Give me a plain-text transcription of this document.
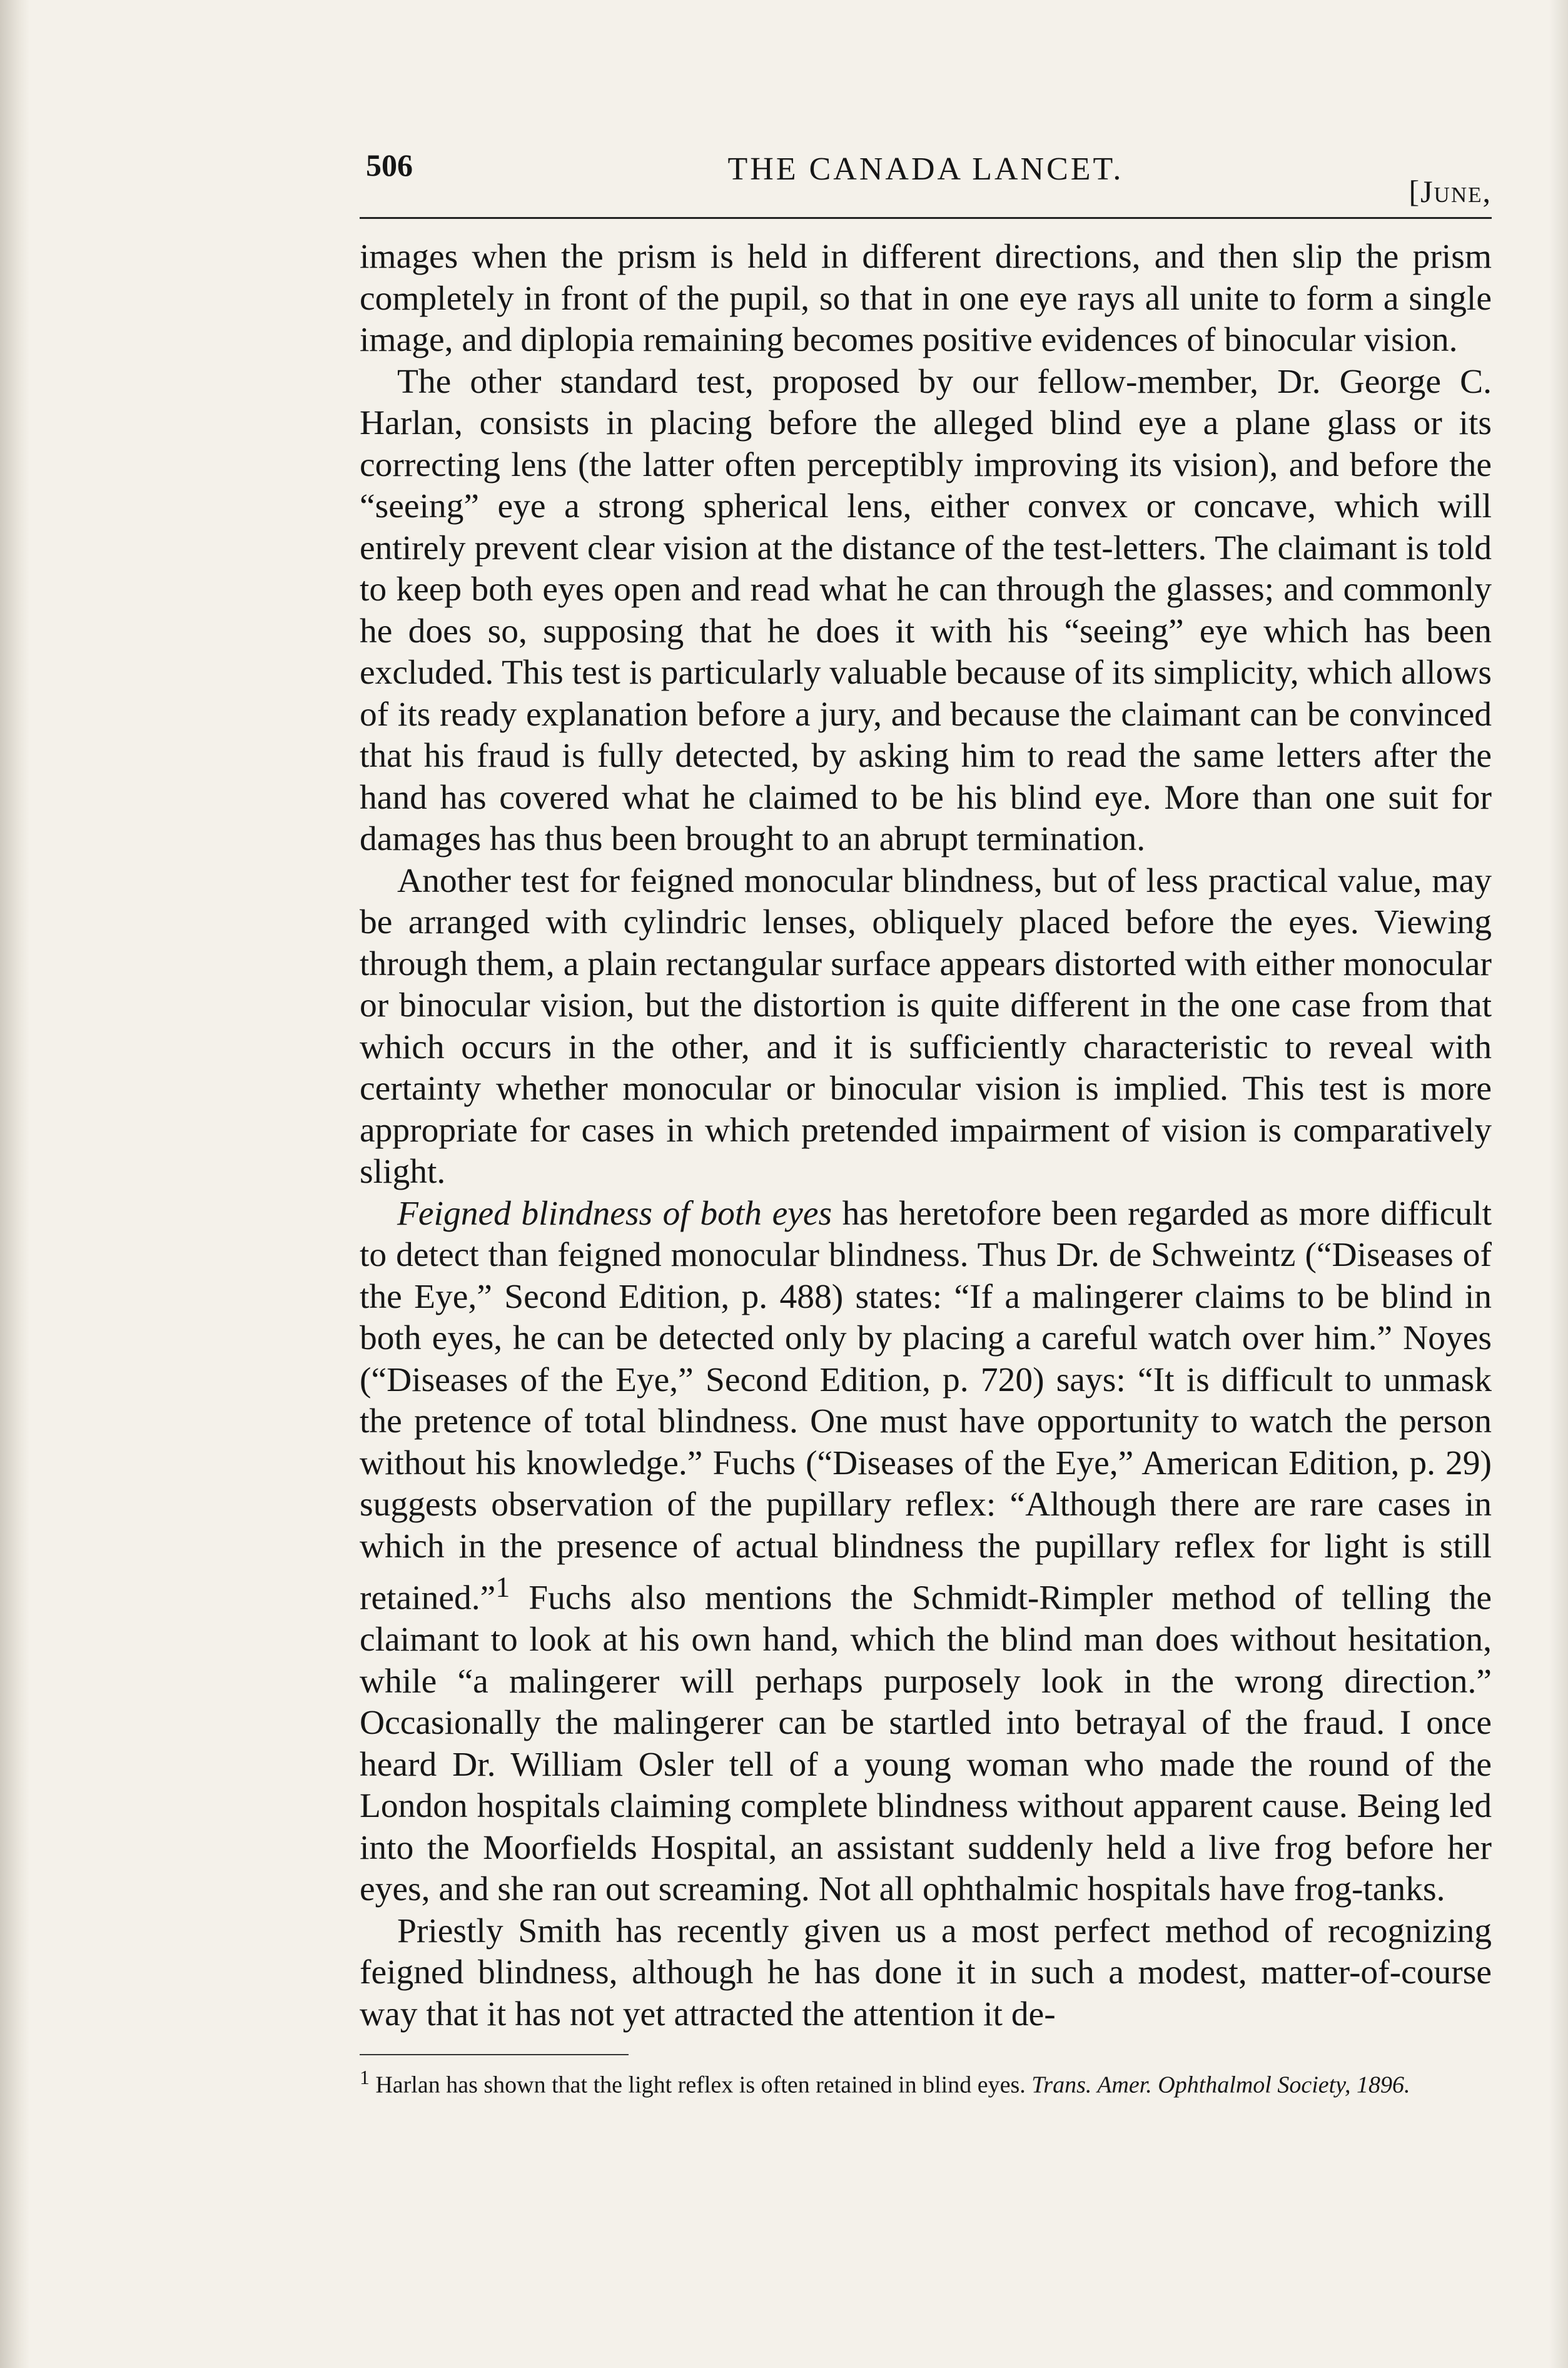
506	THE CANADA LANCET.
[June,

images when the prism is held in different directions, and then slip the prism completely in front of the pupil, so that in one eye rays all unite to form a single image, and diplopia remaining becomes positive evidences of binocular vision.

The other standard test, proposed by our fellow-member, Dr. George C. Harlan, consists in placing before the alleged blind eye a plane glass or its correcting lens (the latter often perceptibly improving its vision), and before the “seeing” eye a strong spherical lens, either convex or concave, which will entirely prevent clear vision at the distance of the test-letters. The claimant is told to keep both eyes open and read what he can through the glasses; and commonly he does so, supposing that he does it with his “seeing” eye which has been excluded. This test is particularly valuable because of its simplicity, which allows of its ready explanation before a jury, and because the claimant can be convinced that his fraud is fully detected, by asking him to read the same letters after the hand has covered what he claimed to be his blind eye. More than one suit for damages has thus been brought to an abrupt termination.

Another test for feigned monocular blindness, but of less practical value, may be arranged with cylindric lenses, obliquely placed before the eyes. Viewing through them, a plain rectangular surface appears distorted with either monocular or binocular vision, but the distortion is quite different in the one case from that which occurs in the other, and it is sufficiently characteristic to reveal with certainty whether monocular or binocular vision is implied. This test is more appropriate for cases in which pretended impairment of vision is comparatively slight.

Feigned blindness of both eyes has heretofore been regarded as more difficult to detect than feigned monocular blindness. Thus Dr. de Schweintz (“Diseases of the Eye,” Second Edition, p. 488) states: “If a malingerer claims to be blind in both eyes, he can be detected only by placing a careful watch over him.” Noyes (“Diseases of the Eye,” Second Edition, p. 720) says: “It is difficult to unmask the pretence of total blindness. One must have opportunity to watch the person without his knowledge.” Fuchs (“Diseases of the Eye,” American Edition, p. 29) suggests observation of the pupillary reflex: “Although there are rare cases in which in the presence of actual blindness the pupillary reflex for light is still retained.”$^1$ Fuchs also mentions the Schmidt-Rimpler method of telling the claimant to look at his own hand, which the blind man does without hesitation, while “a malingerer will perhaps purposely look in the wrong direction.” Occasionally the malingerer can be startled into betrayal of the fraud. I once heard Dr. William Osler tell of a young woman who made the round of the London hospitals claiming complete blindness without apparent cause. Being led into the Moorfields Hospital, an assistant suddenly held a live frog before her eyes, and she ran out screaming. Not all ophthalmic hospitals have frog-tanks.

Priestly Smith has recently given us a most perfect method of recognizing feigned blindness, although he has done it in such a modest, matter-of-course way that it has not yet attracted the attention it de-

$^1$ Harlan has shown that the light reflex is often retained in blind eyes. Trans. Amer. Ophthalmol Society, 1896.
